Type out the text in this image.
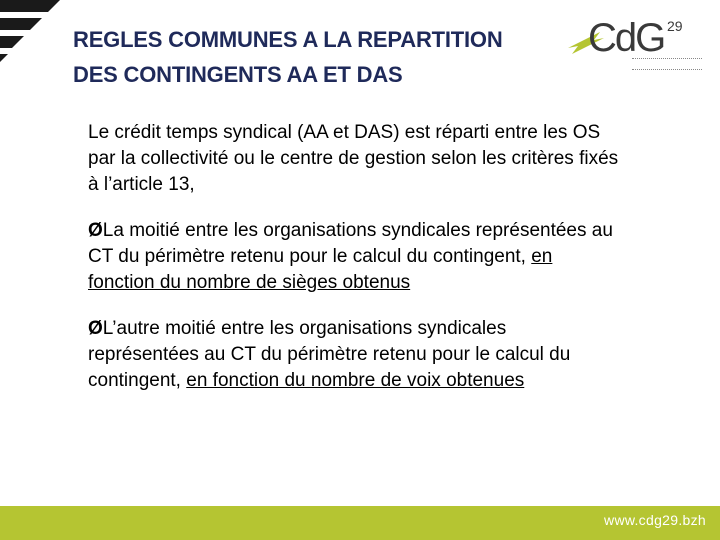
REGLES COMMUNES A LA REPARTITION
DES CONTINGENTS AA ET DAS
CdG 29

Le crédit temps syndical (AA et DAS) est réparti entre les OS
par la collectivité ou le centre de gestion selon les critères fixés
à l’article 13,

ØLa moitié entre les organisations syndicales représentées au
CT du périmètre retenu pour le calcul du contingent, en
fonction du nombre de sièges obtenus

ØL’autre moitié entre les organisations syndicales
représentées au CT du périmètre retenu pour le calcul du
contingent, en fonction du nombre de voix obtenues

www.cdg29.bzh
